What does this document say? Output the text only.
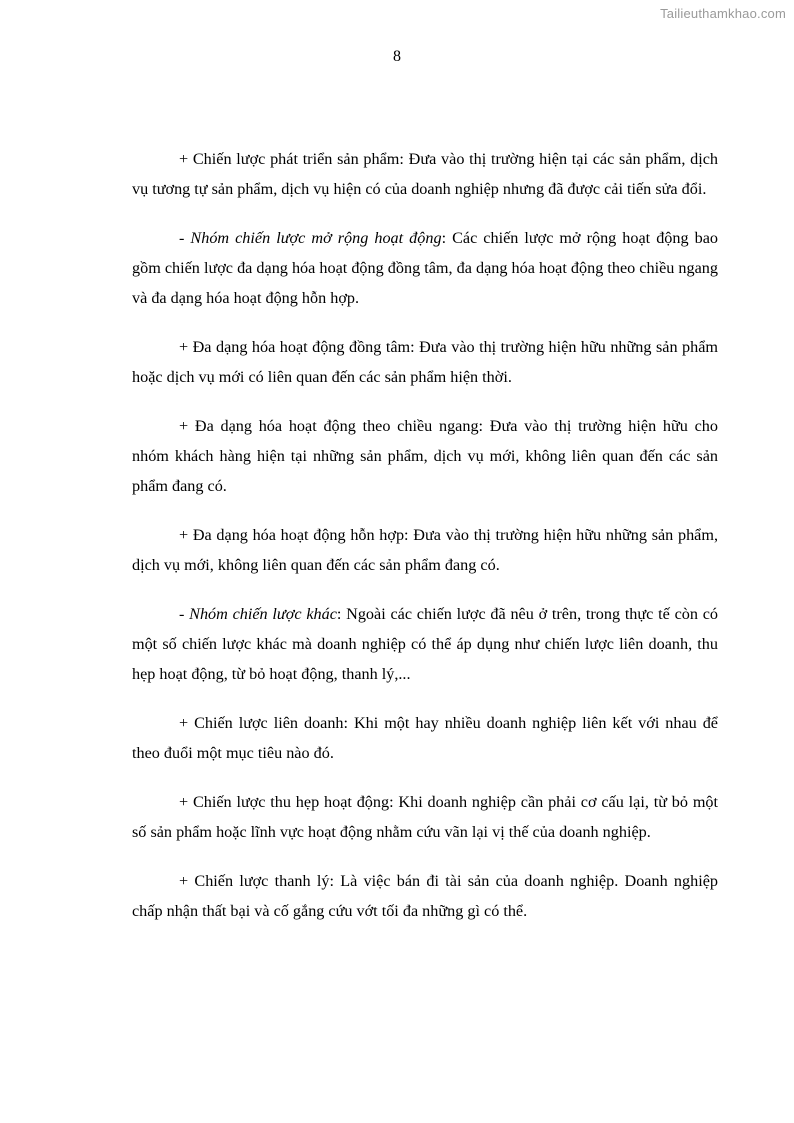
Tailieuthamkhao.com
8

+ Chiến lược phát triển sản phẩm: Đưa vào thị trường hiện tại các sản phẩm, dịch vụ tương tự sản phẩm, dịch vụ hiện có của doanh nghiệp nhưng đã được cải tiến sửa đổi.

- Nhóm chiến lược mở rộng hoạt động: Các chiến lược mở rộng hoạt động bao gồm chiến lược đa dạng hóa hoạt động đồng tâm, đa dạng hóa hoạt động theo chiều ngang và đa dạng hóa hoạt động hỗn hợp.

+ Đa dạng hóa hoạt động đồng tâm: Đưa vào thị trường hiện hữu những sản phẩm hoặc dịch vụ mới có liên quan đến các sản phẩm hiện thời.

+ Đa dạng hóa hoạt động theo chiều ngang: Đưa vào thị trường hiện hữu cho nhóm khách hàng hiện tại những sản phẩm, dịch vụ mới, không liên quan đến các sản phẩm đang có.

+ Đa dạng hóa hoạt động hỗn hợp: Đưa vào thị trường hiện hữu những sản phẩm, dịch vụ mới, không liên quan đến các sản phẩm đang có.

- Nhóm chiến lược khác: Ngoài các chiến lược đã nêu ở trên, trong thực tế còn có một số chiến lược khác mà doanh nghiệp có thể áp dụng như chiến lược liên doanh, thu hẹp hoạt động, từ bỏ hoạt động, thanh lý,...

+ Chiến lược liên doanh: Khi một hay nhiều doanh nghiệp liên kết với nhau để theo đuổi một mục tiêu nào đó.

+ Chiến lược thu hẹp hoạt động: Khi doanh nghiệp cần phải cơ cấu lại, từ bỏ một số sản phẩm hoặc lĩnh vực hoạt động nhằm cứu vãn lại vị thế của doanh nghiệp.

+ Chiến lược thanh lý: Là việc bán đi tài sản của doanh nghiệp. Doanh nghiệp chấp nhận thất bại và cố gắng cứu vớt tối đa những gì có thể.
